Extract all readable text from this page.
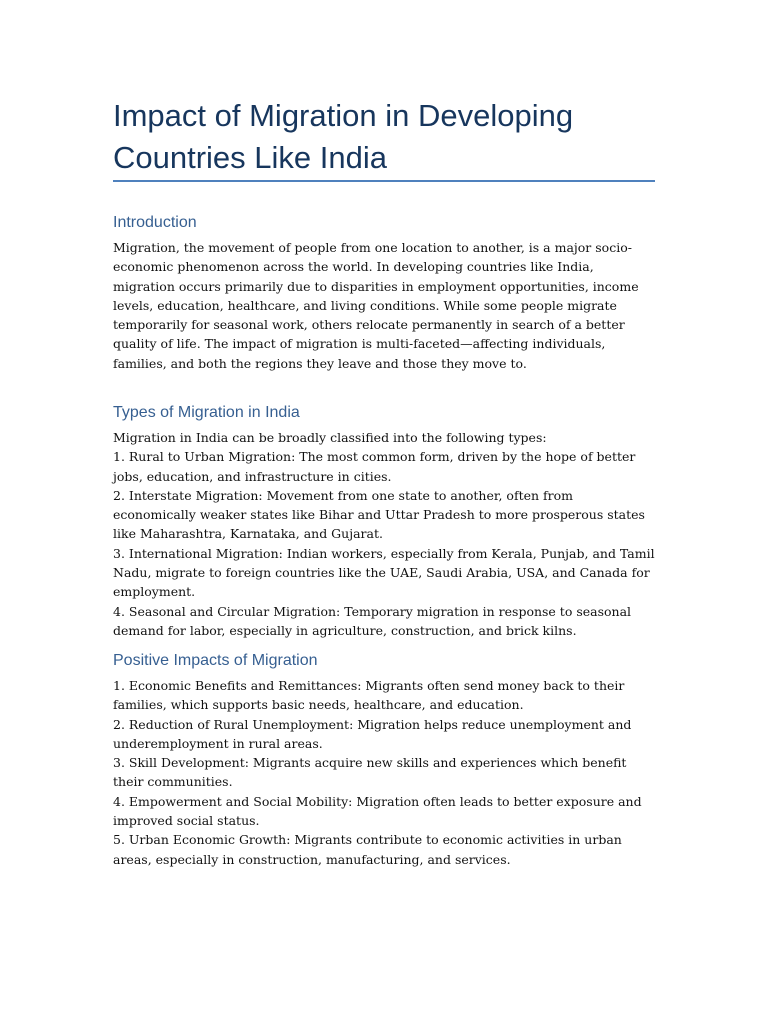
Impact of Migration in Developing Countries Like India
Introduction

Migration, the movement of people from one location to another, is a major socio-economic phenomenon across the world. In developing countries like India, migration occurs primarily due to disparities in employment opportunities, income levels, education, healthcare, and living conditions. While some people migrate temporarily for seasonal work, others relocate permanently in search of a better quality of life. The impact of migration is multi-faceted—affecting individuals, families, and both the regions they leave and those they move to.

Types of Migration in India

Migration in India can be broadly classified into the following types:

1. Rural to Urban Migration: The most common form, driven by the hope of better jobs, education, and infrastructure in cities.

2. Interstate Migration: Movement from one state to another, often from economically weaker states like Bihar and Uttar Pradesh to more prosperous states like Maharashtra, Karnataka, and Gujarat.

3. International Migration: Indian workers, especially from Kerala, Punjab, and Tamil Nadu, migrate to foreign countries like the UAE, Saudi Arabia, USA, and Canada for employment.

4. Seasonal and Circular Migration: Temporary migration in response to seasonal demand for labor, especially in agriculture, construction, and brick kilns.

Positive Impacts of Migration

1. Economic Benefits and Remittances: Migrants often send money back to their families, which supports basic needs, healthcare, and education.

2. Reduction of Rural Unemployment: Migration helps reduce unemployment and underemployment in rural areas.

3. Skill Development: Migrants acquire new skills and experiences which benefit their communities.

4. Empowerment and Social Mobility: Migration often leads to better exposure and improved social status.

5. Urban Economic Growth: Migrants contribute to economic activities in urban areas, especially in construction, manufacturing, and services.
